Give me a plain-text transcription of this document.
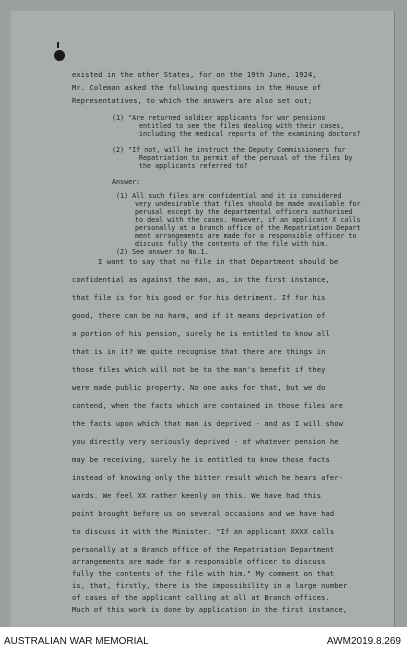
existed in the other States, for on the 19th June, 1924,
Mr. Coleman asked the following questions in the House of
Representatives, to which the answers are also set out;
(1) "Are returned soldier applicants for war pensions
entitled to see the files dealing with their cases,
including the medical reports of the examining doctors?
(2) "If not, will he instruct the Deputy Commissioners for
Repatriation to permit of the perusal of the files by
the applicants referred to?
Answer:
(1) All such files are confidential and it is considered
very undesirable that files should be made available for
perusal except by the departmental officers authorised
to deal with the cases. However, if an applicant X calls
personally at a branch office of the Repatriation Depart
ment arrangements are made for a responsible officer to
discuss fully the contents of the file with him.
(2) See answer to No.1.
I want to say that no file in that Department should be
confidential as against the man, as, in the first instance,
that file is for his good or for his detriment. If for his
good, there can be no harm, and if it means deprivation of
a portion of his pension, surely he is entitled to know all
that is in it? We quite recognise that there are things in
those files which will not be to the man's benefit if they
were made public property. No one asks for that, but we do
contend, when the facts which are contained in those files are
the facts upon which that man is deprived - and as I will show
you directly very seriously deprived - of whatever pension he
may be receiving, surely he is entitled to know those facts
instead of knowing only the bitter result which he hears afer-
wards. We feel XX rather keenly on this. We have had this
point brought before us on several occasions and we have had
to discuss it with the Minister. "If an applicant XXXX calls
personally at a Branch office of the Repatriation Department
arrangements are made for a responsible officer to discuss
fully the contents of the file with him." My comment on that
is, that, firstly, there is the impossibility in a large number
of cases of the applicant calling at all at Branch offices.
Much of this work is done by application in the first instance,
AUSTRALIAN WAR MEMORIAL	AWM2019.8.269
